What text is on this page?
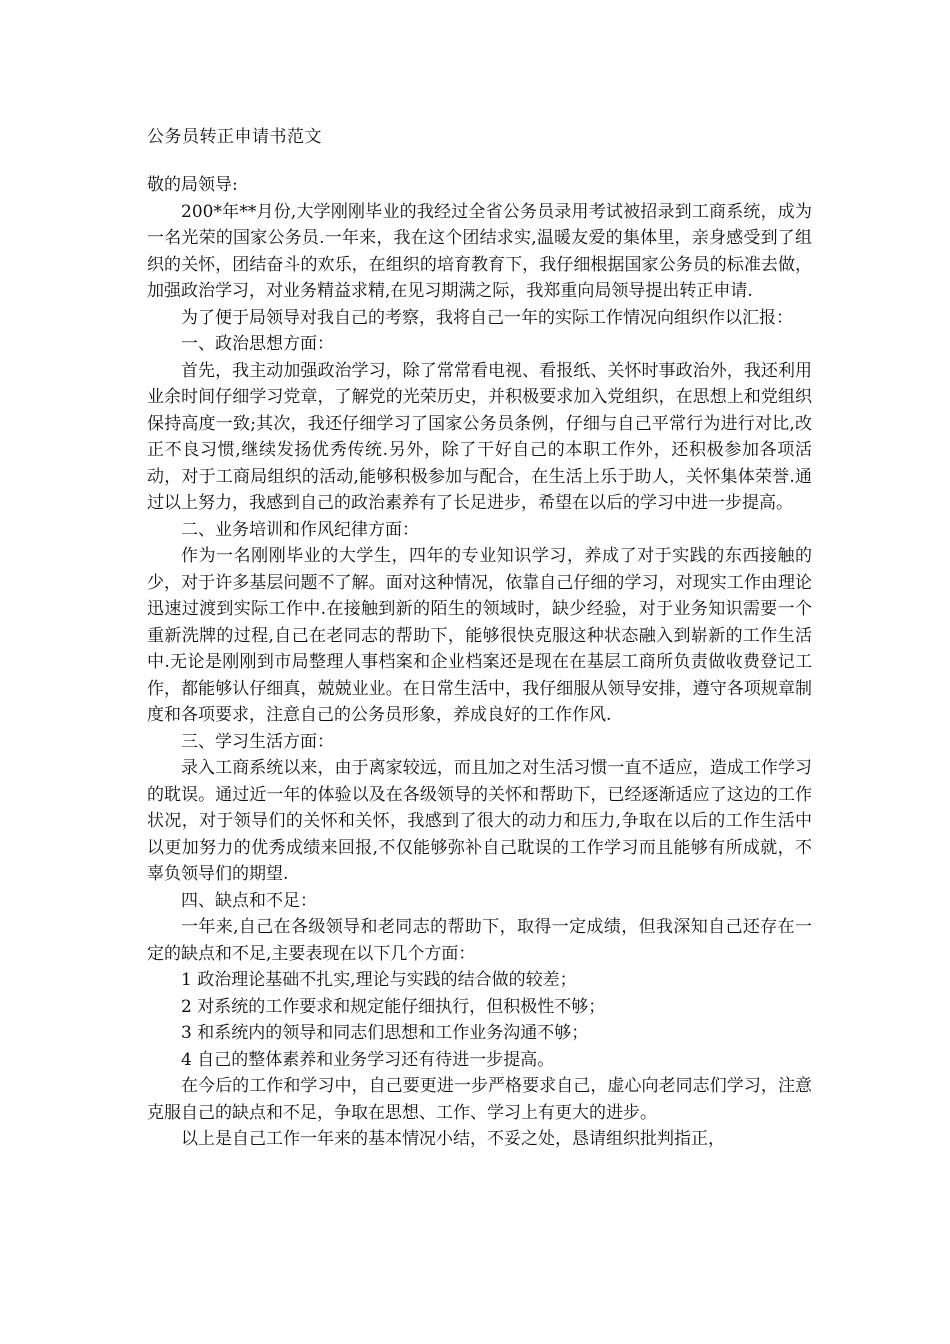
公务员转正申请书范文

敬的局领导:

200*年**月份,大学刚刚毕业的我经过全省公务员录用考试被招录到工商系统，成为一名光荣的国家公务员.一年来，我在这个团结求实,温暖友爱的集体里，亲身感受到了组织的关怀，团结奋斗的欢乐，在组织的培育教育下，我仔细根据国家公务员的标准去做，加强政治学习，对业务精益求精,在见习期满之际，我郑重向局领导提出转正申请.

为了便于局领导对我自己的考察，我将自己一年的实际工作情况向组织作以汇报：

一、政治思想方面：

首先，我主动加强政治学习，除了常常看电视、看报纸、关怀时事政治外，我还利用业余时间仔细学习党章，了解党的光荣历史，并积极要求加入党组织，在思想上和党组织保持高度一致;其次，我还仔细学习了国家公务员条例，仔细与自己平常行为进行对比,改正不良习惯,继续发扬优秀传统.另外，除了干好自己的本职工作外，还积极参加各项活动，对于工商局组织的活动,能够积极参加与配合，在生活上乐于助人，关怀集体荣誉.通过以上努力，我感到自己的政治素养有了长足进步，希望在以后的学习中进一步提高。

二、业务培训和作风纪律方面：

作为一名刚刚毕业的大学生，四年的专业知识学习，养成了对于实践的东西接触的少，对于许多基层问题不了解。面对这种情况，依靠自己仔细的学习，对现实工作由理论迅速过渡到实际工作中.在接触到新的陌生的领域时，缺少经验，对于业务知识需要一个重新洗牌的过程,自己在老同志的帮助下，能够很快克服这种状态融入到崭新的工作生活中.无论是刚刚到市局整理人事档案和企业档案还是现在在基层工商所负责做收费登记工作，都能够认仔细真，兢兢业业。在日常生活中，我仔细服从领导安排，遵守各项规章制度和各项要求，注意自己的公务员形象，养成良好的工作作风.

三、学习生活方面：

录入工商系统以来，由于离家较远，而且加之对生活习惯一直不适应，造成工作学习的耽误。通过近一年的体验以及在各级领导的关怀和帮助下，已经逐渐适应了这边的工作状况，对于领导们的关怀和关怀，我感到了很大的动力和压力,争取在以后的工作生活中以更加努力的优秀成绩来回报,不仅能够弥补自己耽误的工作学习而且能够有所成就，不辜负领导们的期望.

四、缺点和不足：

一年来,自己在各级领导和老同志的帮助下，取得一定成绩，但我深知自己还存在一定的缺点和不足,主要表现在以下几个方面：

1 政治理论基础不扎实,理论与实践的结合做的较差；

2 对系统的工作要求和规定能仔细执行，但积极性不够；

3 和系统内的领导和同志们思想和工作业务沟通不够；

4 自己的整体素养和业务学习还有待进一步提高。

在今后的工作和学习中，自己要更进一步严格要求自己，虚心向老同志们学习，注意克服自己的缺点和不足，争取在思想、工作、学习上有更大的进步。

以上是自己工作一年来的基本情况小结，不妥之处，恳请组织批判指正，
